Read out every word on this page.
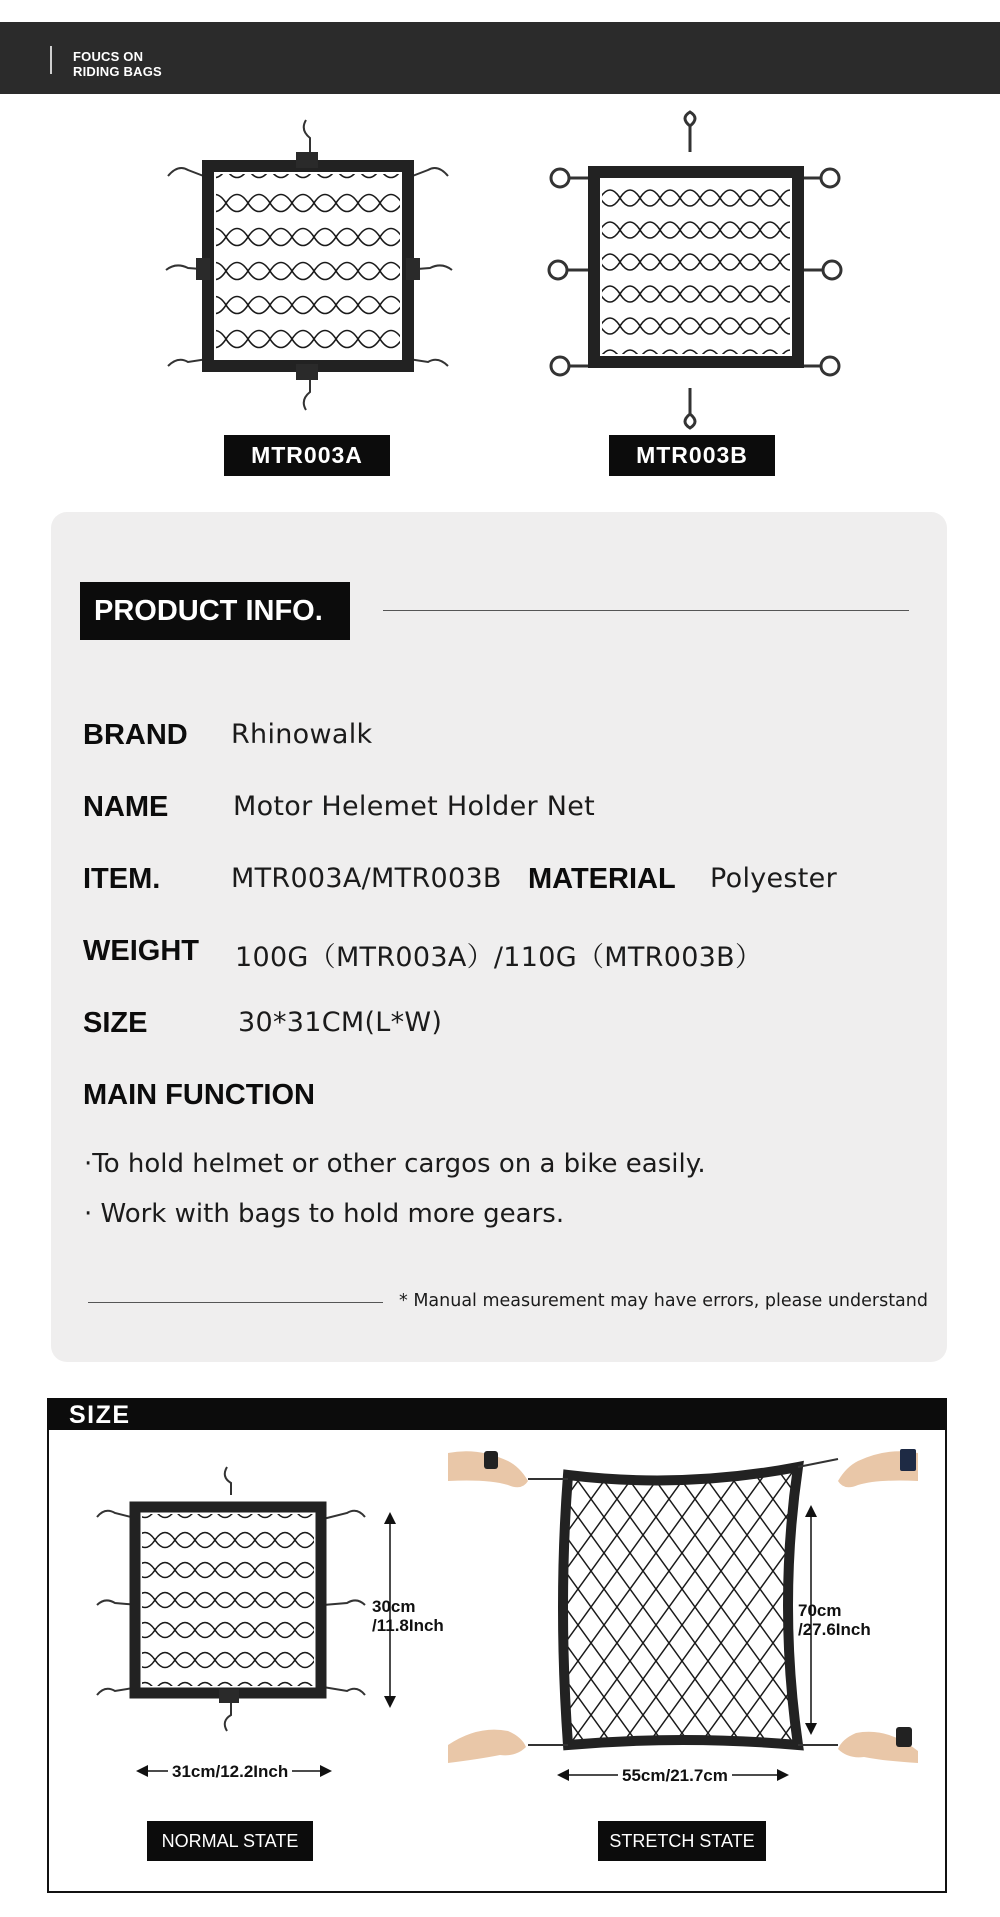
FOUCS ON
RIDING BAGS
MTR003A	MTR003B
PRODUCT INFO.
BRAND Rhinowalk
NAME Motor Helemet Holder Net
ITEM.	MTR003A/MTR003B MATERIAL Polyester
WEIGHT 100G（MTR003A）/110G（MTR003B）
SIZE	30*31CM(L*W)
MAIN FUNCTION
·To hold helmet or other cargos on a bike easily.
· Work with bags to hold more gears.
* Manual measurement may have errors, please understand
SIZE
30cm
/11.8Inch
31cm/12.2Inch
NORMAL STATE
70cm
/27.6Inch
55cm/21.7cm
STRETCH STATE
